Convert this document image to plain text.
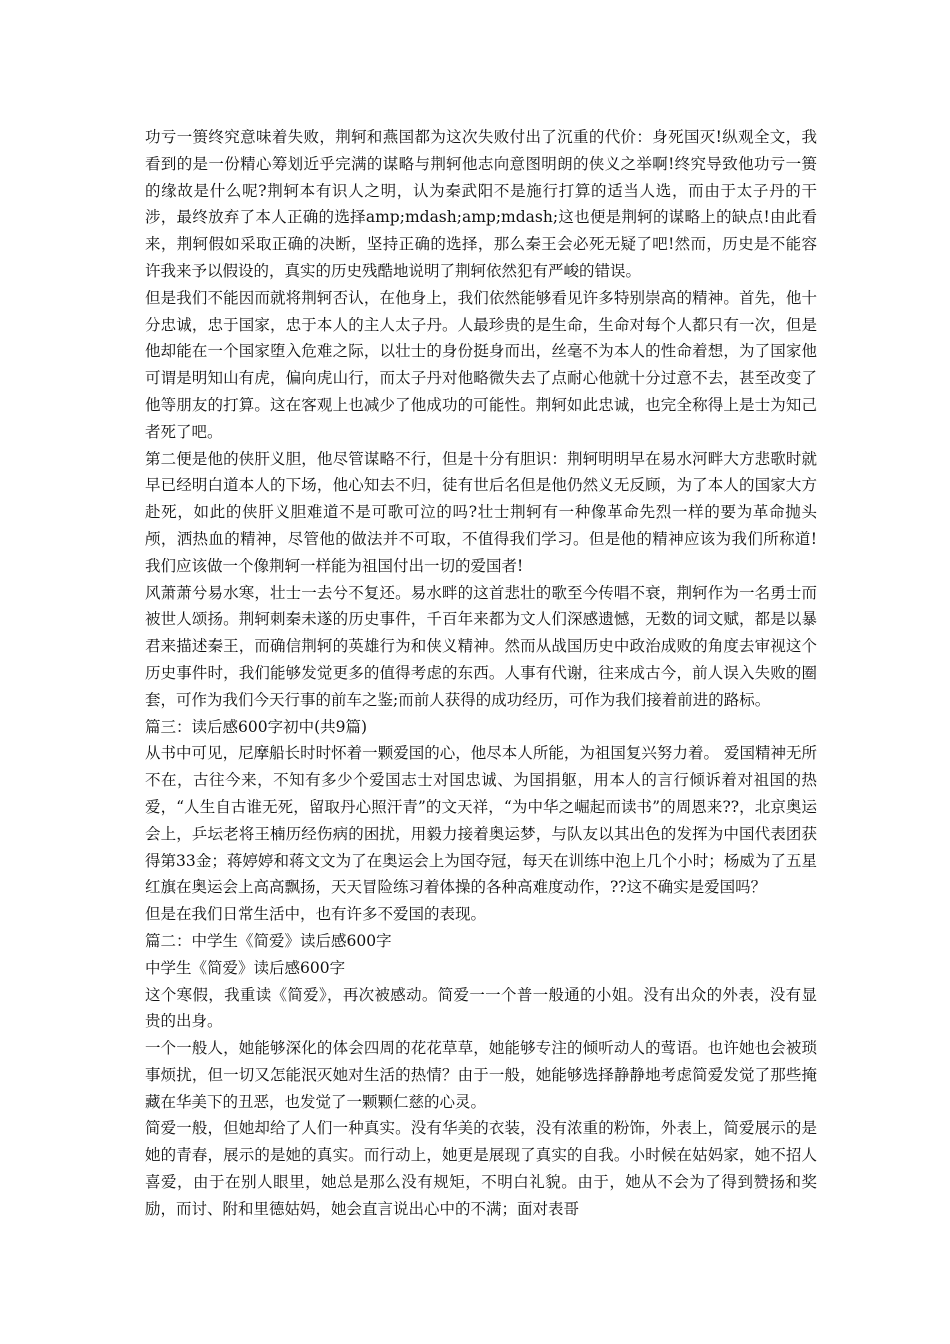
功亏一篑终究意味着失败，荆轲和燕国都为这次失败付出了沉重的代价：身死国灭!纵观全文，我看到的是一份精心筹划近乎完满的谋略与荆轲他志向意图明朗的侠义之举啊!终究导致他功亏一篑的缘故是什么呢?荆轲本有识人之明，认为秦武阳不是施行打算的适当人选，而由于太子丹的干涉，最终放弃了本人正确的选择amp;mdash;amp;mdash;这也便是荆轲的谋略上的缺点!由此看来，荆轲假如采取正确的决断，坚持正确的选择，那么秦王会必死无疑了吧!然而，历史是不能容许我来予以假设的，真实的历史残酷地说明了荆轲依然犯有严峻的错误。

但是我们不能因而就将荆轲否认，在他身上，我们依然能够看见许多特别崇高的精神。首先，他十分忠诚，忠于国家，忠于本人的主人太子丹。人最珍贵的是生命，生命对每个人都只有一次，但是他却能在一个国家堕入危难之际，以壮士的身份挺身而出，丝毫不为本人的性命着想，为了国家他可谓是明知山有虎，偏向虎山行，而太子丹对他略微失去了点耐心他就十分过意不去，甚至改变了他等朋友的打算。这在客观上也减少了他成功的可能性。荆轲如此忠诚，也完全称得上是士为知己者死了吧。

第二便是他的侠肝义胆，他尽管谋略不行，但是十分有胆识：荆轲明明早在易水河畔大方悲歌时就早已经明白道本人的下场，他心知去不归，徒有世后名但是他仍然义无反顾，为了本人的国家大方赴死，如此的侠肝义胆难道不是可歌可泣的吗?壮士荆轲有一种像革命先烈一样的要为革命抛头颅，洒热血的精神，尽管他的做法并不可取，不值得我们学习。但是他的精神应该为我们所称道!我们应该做一个像荆轲一样能为祖国付出一切的爱国者!

风萧萧兮易水寒，壮士一去兮不复还。易水畔的这首悲壮的歌至今传唱不衰，荆轲作为一名勇士而被世人颂扬。荆轲刺秦未遂的历史事件，千百年来都为文人们深感遗憾，无数的词文赋，都是以暴君来描述秦王，而确信荆轲的英雄行为和侠义精神。然而从战国历史中政治成败的角度去审视这个历史事件时，我们能够发觉更多的值得考虑的东西。人事有代谢，往来成古今，前人误入失败的圈套，可作为我们今天行事的前车之鉴;而前人获得的成功经历，可作为我们接着前进的路标。

篇三：读后感600字初中(共9篇)

从书中可见，尼摩船长时时怀着一颗爱国的心，他尽本人所能，为祖国复兴努力着。 爱国精神无所不在，古往今来，不知有多少个爱国志士对国忠诚、为国捐躯，用本人的言行倾诉着对祖国的热爱，“人生自古谁无死，留取丹心照汗青”的文天祥，“为中华之崛起而读书”的周恩来??，北京奥运会上，乒坛老将王楠历经伤病的困扰，用毅力接着奥运梦，与队友以其出色的发挥为中国代表团获得第33金；蒋婷婷和蒋文文为了在奥运会上为国夺冠，每天在训练中泡上几个小时；杨威为了五星红旗在奥运会上高高飘扬，天天冒险练习着体操的各种高难度动作，??这不确实是爱国吗？

但是在我们日常生活中，也有许多不爱国的表现。

篇二：中学生《简爱》读后感600字

中学生《简爱》读后感600字

这个寒假，我重读《简爱》，再次被感动。简爱一一个普一般通的小姐。没有出众的外表，没有显贵的出身。

一个一般人，她能够深化的体会四周的花花草草，她能够专注的倾听动人的莺语。也许她也会被琐事烦扰，但一切又怎能泯灭她对生活的热情？由于一般，她能够选择静静地考虑简爱发觉了那些掩藏在华美下的丑恶，也发觉了一颗颗仁慈的心灵。

简爱一般，但她却给了人们一种真实。没有华美的衣装，没有浓重的粉饰，外表上，简爱展示的是她的青春，展示的是她的真实。而行动上，她更是展现了真实的自我。小时候在姑妈家，她不招人喜爱，由于在别人眼里，她总是那么没有规矩，不明白礼貌。由于，她从不会为了得到赞扬和奖励，而讨、附和里德姑妈，她会直言说出心中的不满；面对表哥
